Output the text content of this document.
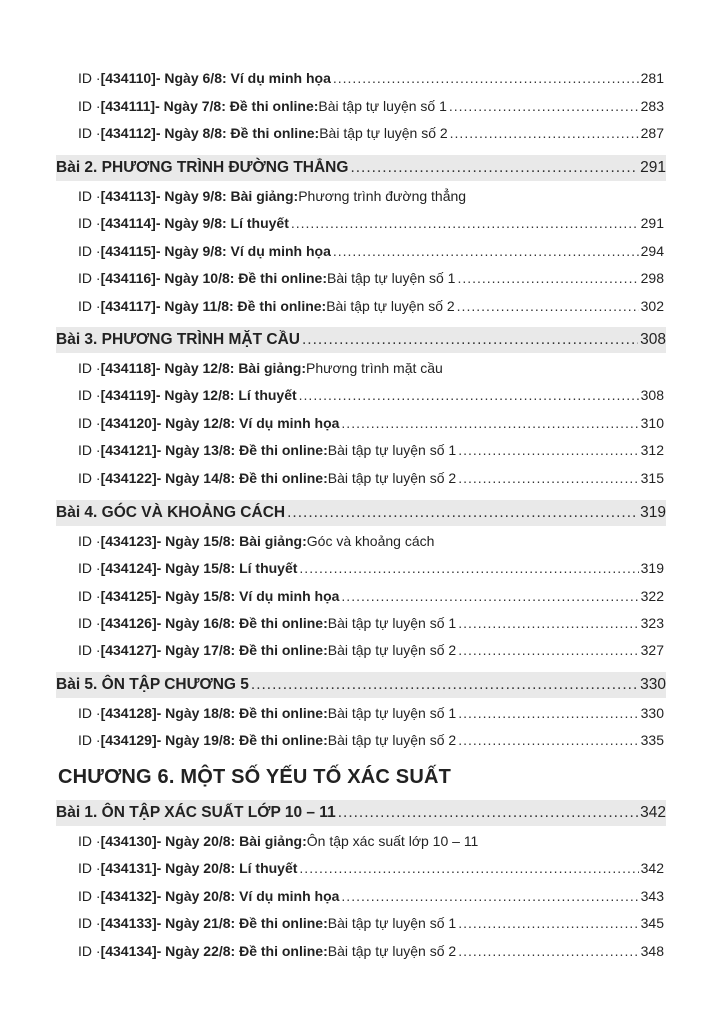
ID · [434110] - Ngày 6/8: Ví dụ minh họa .....	281
ID · [434111] - Ngày 7/8: Đề thi online: Bài tập tự luyện số 1 .....	283
ID · [434112] - Ngày 8/8: Đề thi online: Bài tập tự luyện số 2 .....	287
Bài 2. PHƯƠNG TRÌNH ĐƯỜNG THẲNG .....	291
ID · [434113] - Ngày 9/8: Bài giảng: Phương trình đường thẳng
ID · [434114] - Ngày 9/8: Lí thuyết .....	291
ID · [434115] - Ngày 9/8: Ví dụ minh họa .....	294
ID · [434116] - Ngày 10/8: Đề thi online: Bài tập tự luyện số 1 .....	298
ID · [434117] - Ngày 11/8: Đề thi online: Bài tập tự luyện số 2 .....	302
Bài 3. PHƯƠNG TRÌNH MẶT CẦU .....	308
ID · [434118] - Ngày 12/8: Bài giảng: Phương trình mặt cầu
ID · [434119] - Ngày 12/8: Lí thuyết .....	308
ID · [434120] - Ngày 12/8: Ví dụ minh họa .....	310
ID · [434121] - Ngày 13/8: Đề thi online: Bài tập tự luyện số 1 .....	312
ID · [434122] - Ngày 14/8: Đề thi online: Bài tập tự luyện số 2 .....	315
Bài 4. GÓC VÀ KHOẢNG CÁCH .....	319
ID · [434123] - Ngày 15/8: Bài giảng: Góc và khoảng cách
ID · [434124] - Ngày 15/8: Lí thuyết .....	319
ID · [434125] - Ngày 15/8: Ví dụ minh họa .....	322
ID · [434126] - Ngày 16/8: Đề thi online: Bài tập tự luyện số 1 .....	323
ID · [434127] - Ngày 17/8: Đề thi online: Bài tập tự luyện số 2 .....	327
Bài 5. ÔN TẬP CHƯƠNG 5 .....	330
ID · [434128] - Ngày 18/8: Đề thi online: Bài tập tự luyện số 1 .....	330
ID · [434129] - Ngày 19/8: Đề thi online: Bài tập tự luyện số 2 .....	335
CHƯƠNG 6. MỘT SỐ YẾU TỐ XÁC SUẤT
Bài 1. ÔN TẬP XÁC SUẤT LỚP 10 – 11 .....	342
ID · [434130] - Ngày 20/8: Bài giảng: Ôn tập xác suất lớp 10 – 11
ID · [434131] - Ngày 20/8: Lí thuyết .....	342
ID · [434132] - Ngày 20/8: Ví dụ minh họa .....	343
ID · [434133] - Ngày 21/8: Đề thi online: Bài tập tự luyện số 1 .....	345
ID · [434134] - Ngày 22/8: Đề thi online: Bài tập tự luyện số 2 .....	348
